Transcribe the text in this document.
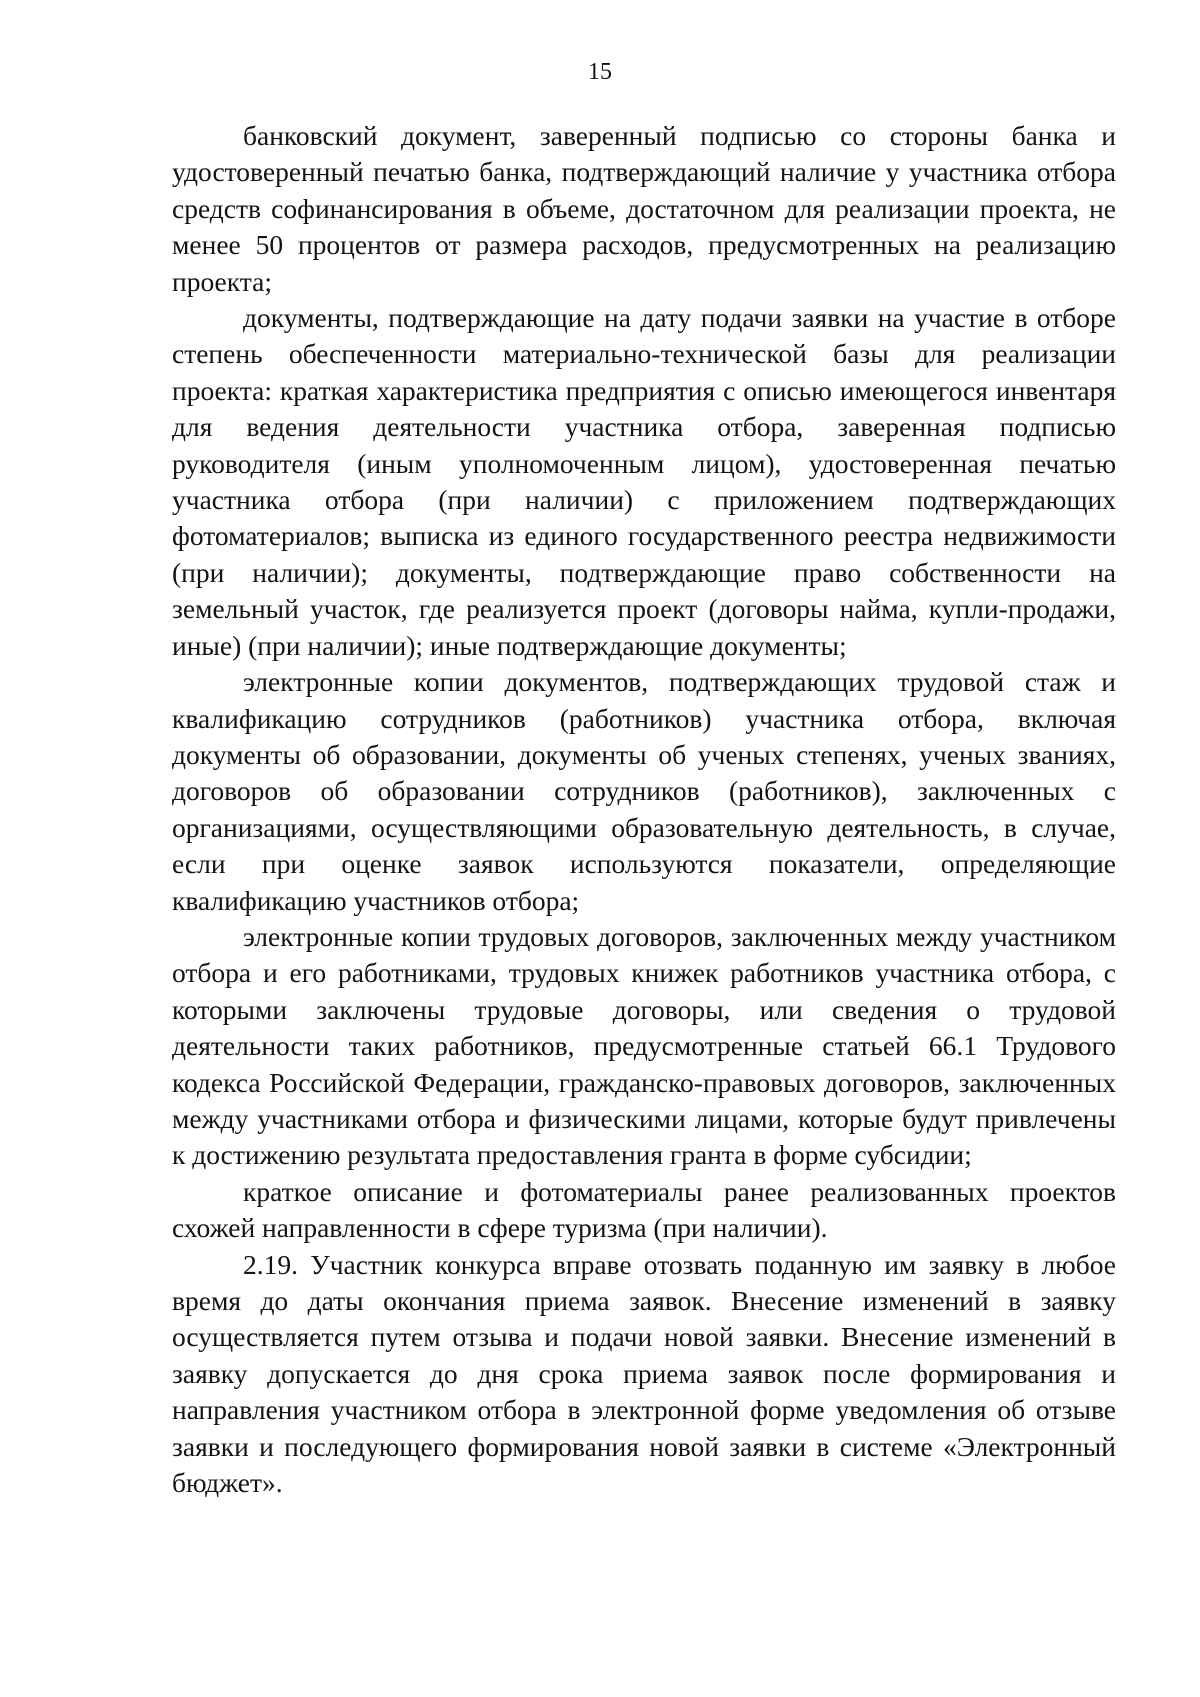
15

банковский документ, заверенный подписью со стороны банка и удостоверенный печатью банка, подтверждающий наличие у участника отбора средств софинансирования в объеме, достаточном для реализации проекта, не менее 50 процентов от размера расходов, предусмотренных на реализацию проекта;

документы, подтверждающие на дату подачи заявки на участие в отборе степень обеспеченности материально-технической базы для реализации проекта: краткая характеристика предприятия с описью имеющегося инвентаря для ведения деятельности участника отбора, заверенная подписью руководителя (иным уполномоченным лицом), удостоверенная печатью участника отбора (при наличии) с приложением подтверждающих фотоматериалов; выписка из единого государственного реестра недвижимости (при наличии); документы, подтверждающие право собственности на земельный участок, где реализуется проект (договоры найма, купли-продажи, иные) (при наличии); иные подтверждающие документы;

электронные копии документов, подтверждающих трудовой стаж и квалификацию сотрудников (работников) участника отбора, включая документы об образовании, документы об ученых степенях, ученых званиях, договоров об образовании сотрудников (работников), заключенных с организациями, осуществляющими образовательную деятельность, в случае, если при оценке заявок используются показатели, определяющие квалификацию участников отбора;

электронные копии трудовых договоров, заключенных между участником отбора и его работниками, трудовых книжек работников участника отбора, с которыми заключены трудовые договоры, или сведения о трудовой деятельности таких работников, предусмотренные статьей 66.1 Трудового кодекса Российской Федерации, гражданско-правовых договоров, заключенных между участниками отбора и физическими лицами, которые будут привлечены к достижению результата предоставления гранта в форме субсидии;

краткое описание и фотоматериалы ранее реализованных проектов схожей направленности в сфере туризма (при наличии).

2.19. Участник конкурса вправе отозвать поданную им заявку в любое время до даты окончания приема заявок. Внесение изменений в заявку осуществляется путем отзыва и подачи новой заявки. Внесение изменений в заявку допускается до дня срока приема заявок после формирования и направления участником отбора в электронной форме уведомления об отзыве заявки и последующего формирования новой заявки в системе «Электронный бюджет».
